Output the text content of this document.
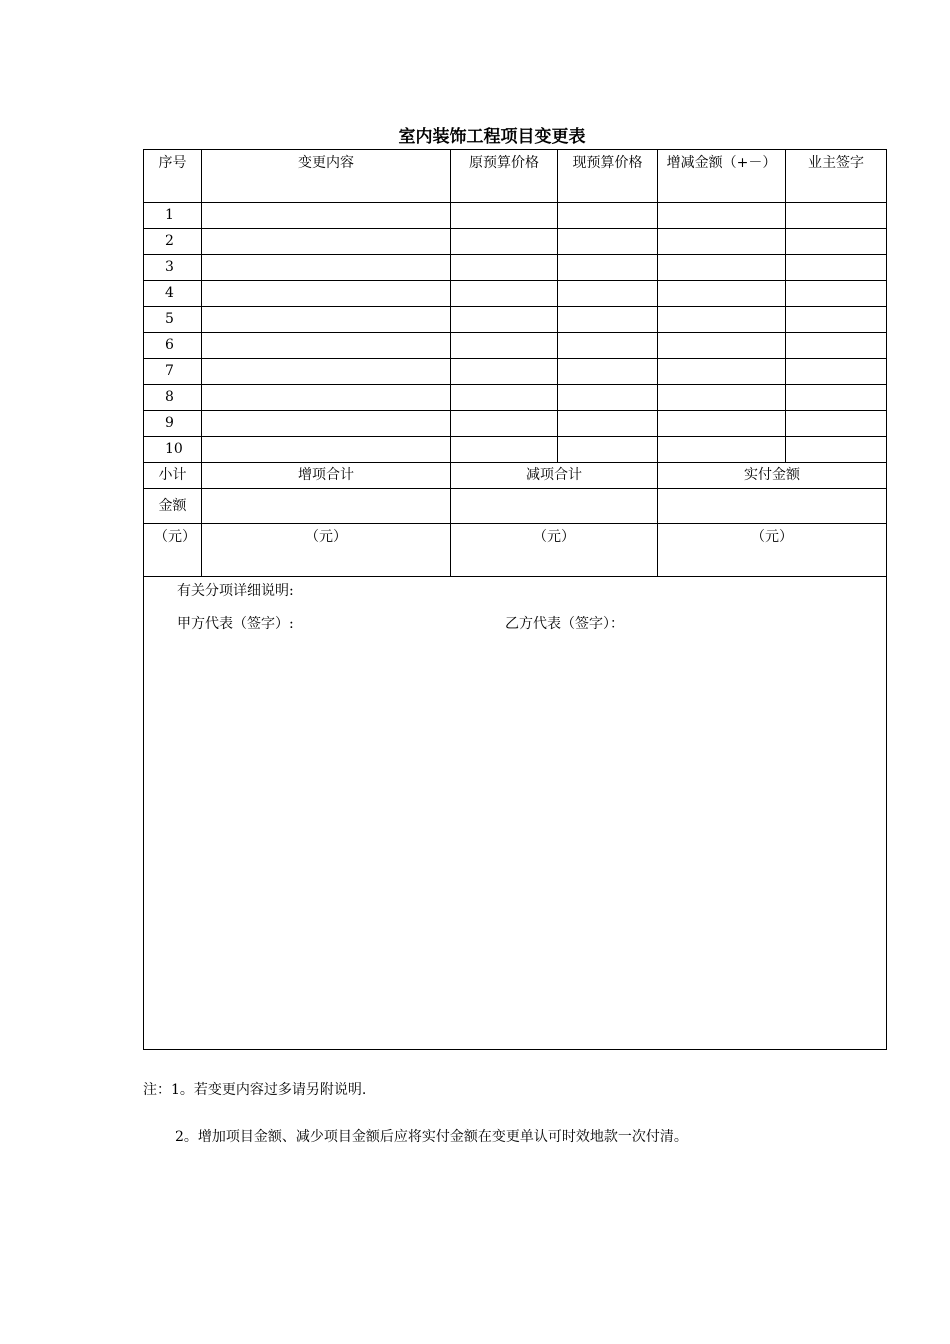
室内装饰工程项目变更表
序号	变更内容	原预算价格	现预算价格	增减金额（+－）	业主签字
1					
2					
3					
4					
5					
6					
7					
8					
9					
10					
小计	增项合计	减项合计		实付金额	
金额					

（元）	（元）	（元）		（元）	

有关分项详细说明:
甲方代表（签字）: 乙方代表（签字）：					
注：1。若变更内容过多请另附说明.
2。增加项目金额、减少项目金额后应将实付金额在变更单认可时效地款一次付清。
